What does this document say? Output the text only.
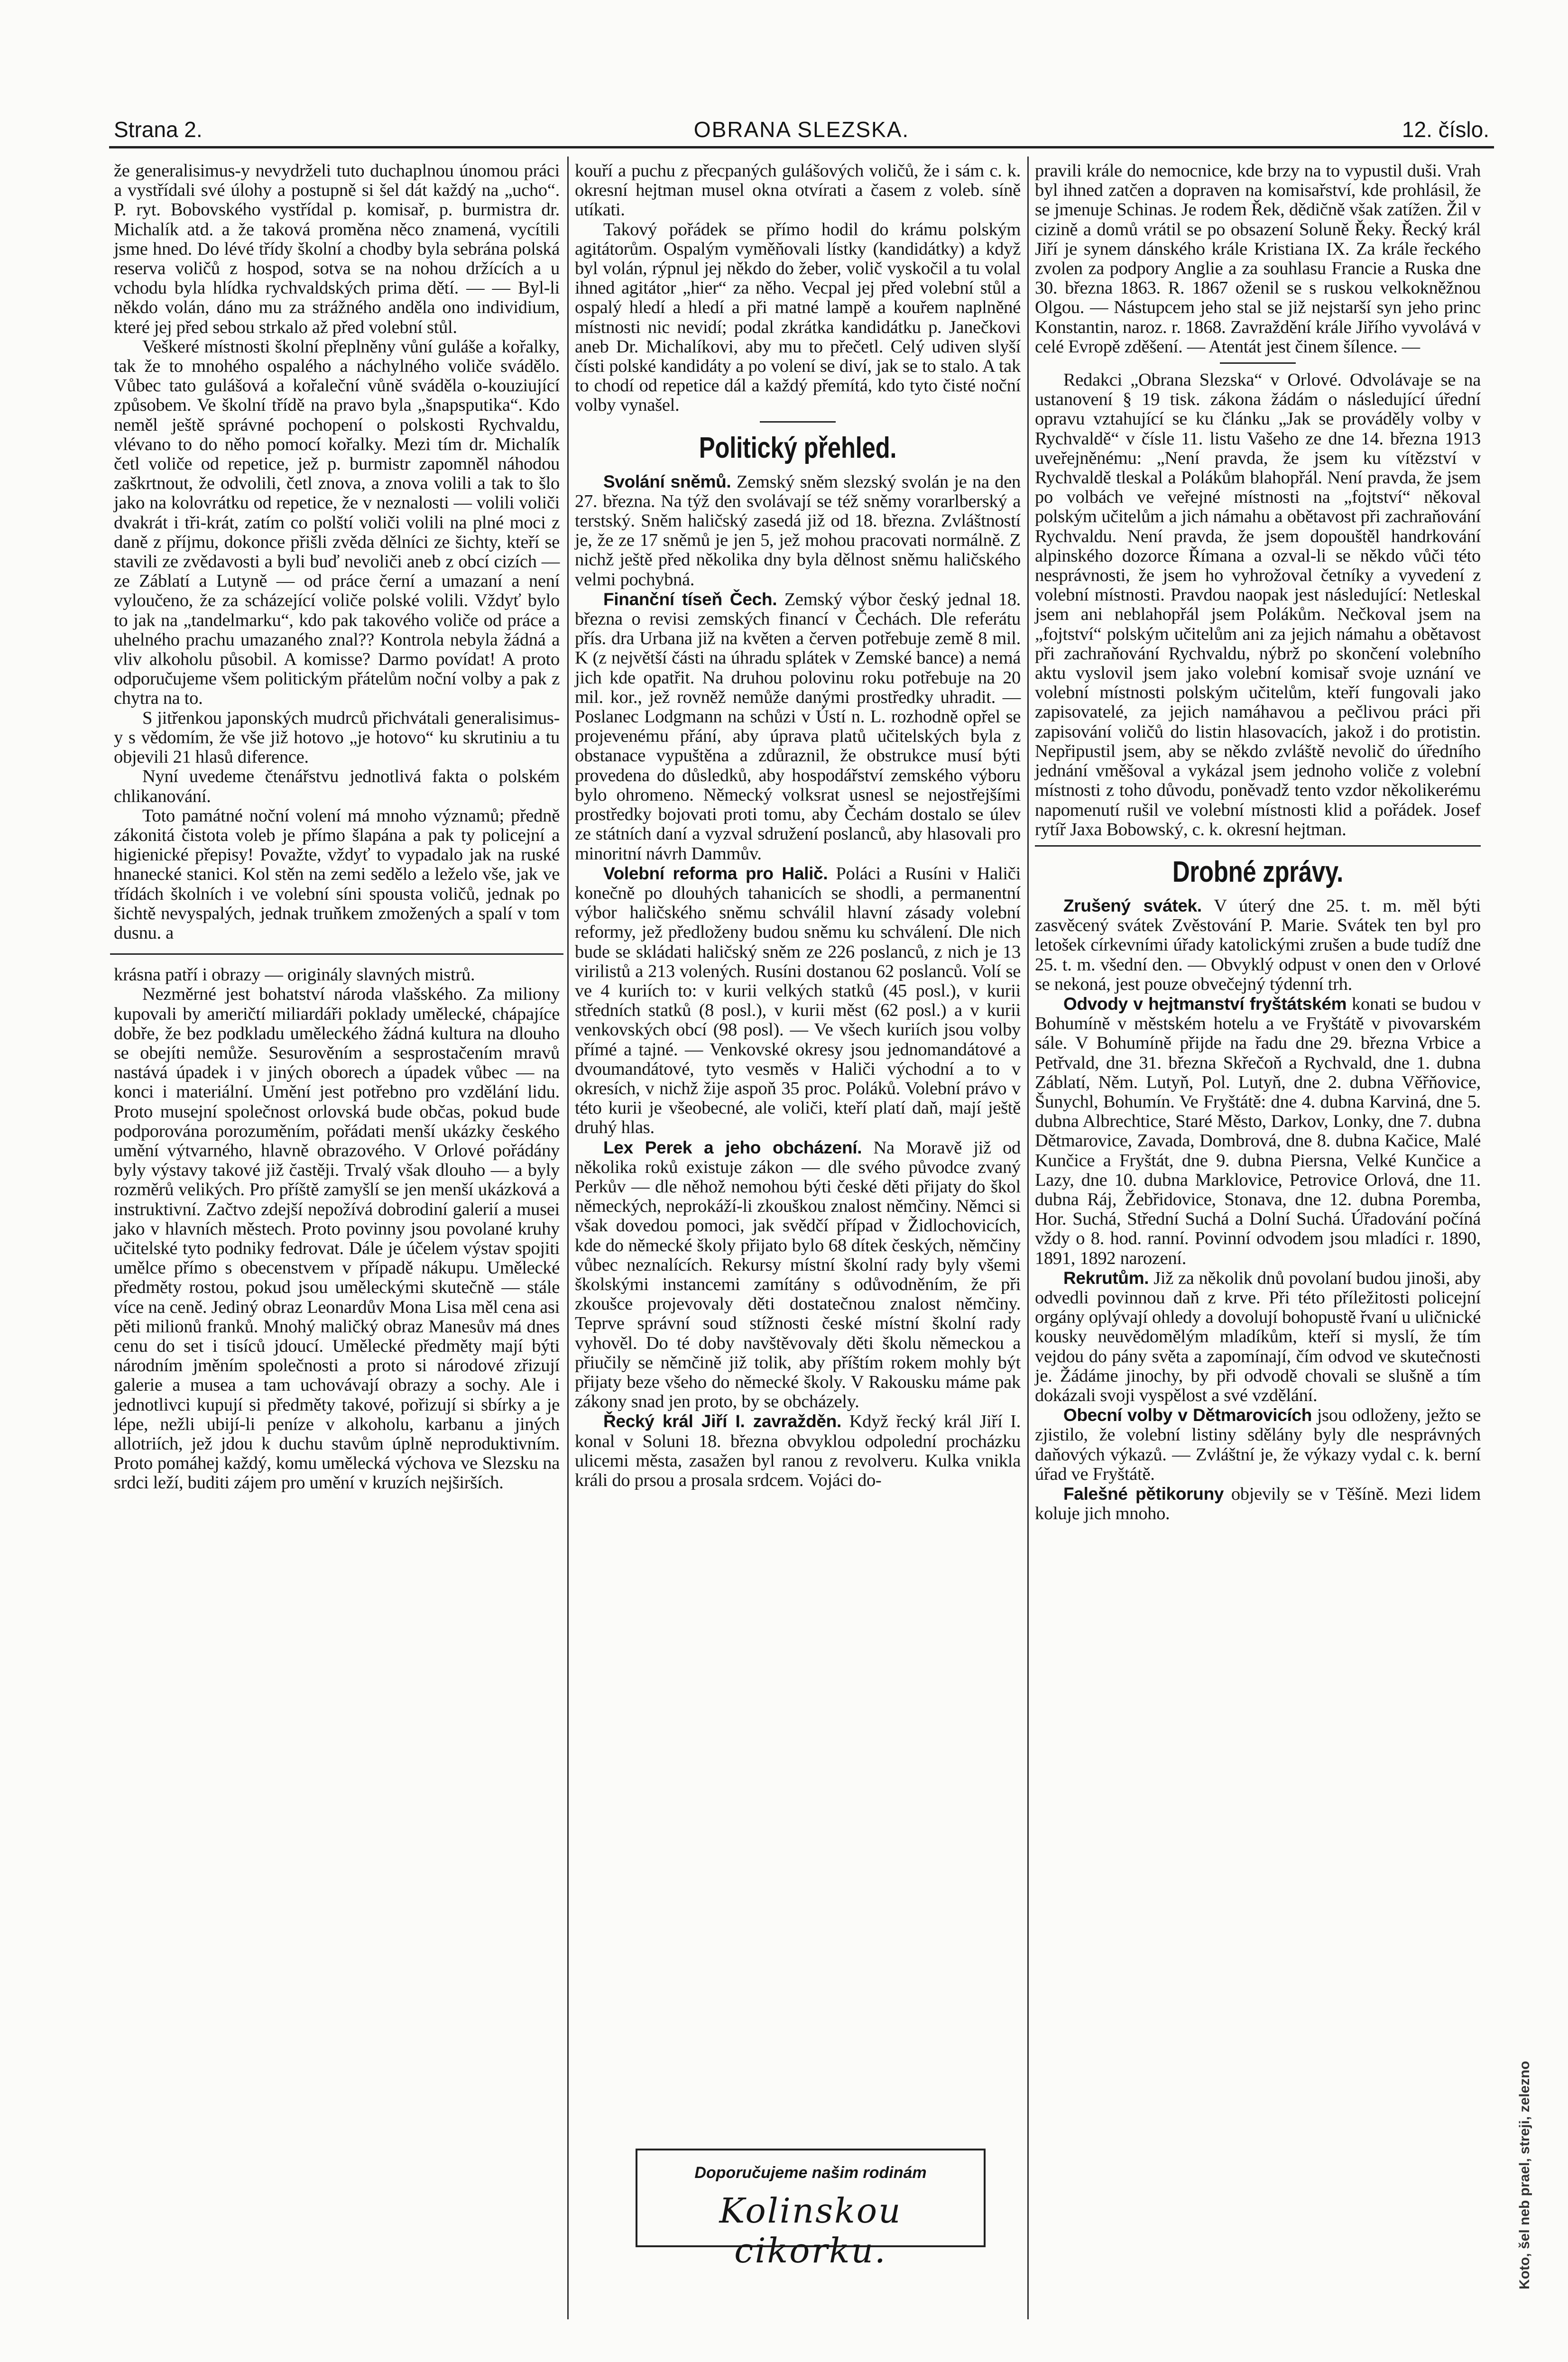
Strana 2.	OBRANA SLEZSKA.	12. číslo.

že generalisimus-y nevydrželi tuto duchaplnou únomou práci a vystřídali své úlohy a postupně si šel dát každý na „ucho“. P. ryt. Bobovského vystřídal p. komisař, p. burmistra dr. Michalík atd. a že taková proměna něco znamená, vycítili jsme hned. Do lévé třídy školní a chodby byla sebrána polská reserva voličů z hospod, sotva se na nohou držících a u vchodu byla hlídka rychvaldských prima dětí. — — Byl-li někdo volán, dáno mu za strážného anděla ono individium, které jej před sebou strkalo až před volební stůl.

Veškeré místnosti školní přeplněny vůní guláše a kořalky, tak že to mnohého ospalého a náchylného voliče svádělo. Vůbec tato gulášová a kořaleční vůně sváděla o-kouziující způsobem. Ve školní třídě na pravo byla „šnapsputika“. Kdo neměl ještě správné pochopení o polskosti Rychvaldu, vlévano to do něho pomocí kořalky. Mezi tím dr. Michalík četl voliče od repetice, jež p. burmistr zapomněl náhodou zaškrtnout, že odvolili, četl znova, a znova volili a tak to šlo jako na kolovrátku od repetice, že v neznalosti — volili voliči dvakrát i tři-krát, zatím co polští voliči volili na plné moci z daně z příjmu, dokonce přišli zvěda dělníci ze šichty, kteří se stavili ze zvědavosti a byli buď nevoliči aneb z obcí cizích — ze Záblatí a Lutyně — od práce černí a umazaní a není vyloučeno, že za scházející voliče polské volili. Vždyť bylo to jak na „tandelmarku“, kdo pak takového voliče od práce a uhelného prachu umazaného znal?? Kontrola nebyla žádná a vliv alkoholu působil. A komisse? Darmo povídat! A proto odporučujeme všem politickým přátelům noční volby a pak z chytra na to.

S jitřenkou japonských mudrců přichvátali generalisimus-y s vědomím, že vše již hotovo „je hotovo“ ku skrutiniu a tu objevili 21 hlasů diference.

Nyní uvedeme čtenářstvu jednotlivá fakta o polském chlikanování.

Toto památné noční volení má mnoho významů; předně zákonitá čistota voleb je přímo šlapána a pak ty policejní a higienické přepisy! Považte, vždyť to vypadalo jak na ruské hnanecké stanici. Kol stěn na zemi sedělo a leželo vše, jak ve třídách školních i ve volební síni spousta voličů, jednak po šichtě nevyspalých, jednak truňkem zmožených a spalí v tom dusnu. a

krásna patří i obrazy — originály slavných mistrů.

Nezměrné jest bohatství národa vlašského. Za miliony kupovali by američtí miliardáři poklady umělecké, chápajíce dobře, že bez podkladu uměleckého žádná kultura na dlouho se obejíti nemůže. Sesurověním a sesprostačením mravů nastává úpadek i v jiných oborech a úpadek vůbec — na konci i materiální. Umění jest potřebno pro vzdělání lidu. Proto musejní společnost orlovská bude občas, pokud bude podporována porozuměním, pořádati menší ukázky českého umění výtvarného, hlavně obrazového. V Orlové pořádány byly výstavy takové již častěji. Trvalý však dlouho — a byly rozměrů velikých. Pro příště zamyšlí se jen menší ukázková a instruktivní. Začtvo zdejší nepožívá dobrodiní galerií a musei jako v hlavních městech. Proto povinny jsou povolané kruhy učitelské tyto podniky fedrovat. Dále je účelem výstav spojiti umělce přímo s obecenstvem v případě nákupu. Umělecké předměty rostou, pokud jsou uměleckými skutečně — stále více na ceně. Jediný obraz Leonardův Mona Lisa měl cena asi pěti milionů franků. Mnohý maličký obraz Manesův má dnes cenu do set i tisíců jdoucí. Umělecké předměty mají býti národním jměním společnosti a proto si národové zřizují galerie a musea a tam uchovávají obrazy a sochy. Ale i jednotlivci kupují si předměty takové, pořizují si sbírky a je lépe, nežli ubijí-li peníze v alkoholu, karbanu a jiných allotriích, jež jdou k duchu stavům úplně neproduktivním. Proto pomáhej každý, komu umělecká výchova ve Slezsku na srdci leží, buditi zájem pro umění v kruzích nejširších.

kouří a puchu z přecpaných gulášových voličů, že i sám c. k. okresní hejtman musel okna otvírati a časem z voleb. síně utíkati.

Takový pořádek se přímo hodil do krámu polským agitátorům. Ospalým vyměňovali lístky (kandidátky) a když byl volán, rýpnul jej někdo do žeber, volič vyskočil a tu volal ihned agitátor „hier“ za něho. Vecpal jej před volební stůl a ospalý hledí a hledí a při matné lampě a kouřem naplněné místnosti nic nevidí; podal zkrátka kandidátku p. Janečkovi aneb Dr. Michalíkovi, aby mu to přečetl. Celý udiven slyší čísti polské kandidáty a po volení se diví, jak se to stalo. A tak to chodí od repetice dál a každý přemítá, kdo tyto čisté noční volby vynašel.

Politický přehled.

Svolání sněmů. Zemský sněm slezský svolán je na den 27. března. Na týž den svolávají se též sněmy vorarlberský a terstský. Sněm haličský zasedá již od 18. března. Zvláštností je, že ze 17 sněmů je jen 5, jež mohou pracovati normálně. Z nichž ještě před několika dny byla dělnost sněmu haličského velmi pochybná.

Finanční tíseň Čech. Zemský výbor český jednal 18. března o revisi zemských financí v Čechách. Dle referátu přís. dra Urbana již na květen a červen potřebuje země 8 mil. K (z největší části na úhradu splátek v Zemské bance) a nemá jich kde opatřit. Na druhou polovinu roku potřebuje na 20 mil. kor., jež rovněž nemůže danými prostředky uhradit. — Poslanec Lodgmann na schůzi v Ústí n. L. rozhodně opřel se projevenému přání, aby úprava platů učitelských byla z obstanace vypuštěna a zdůraznil, že obstrukce musí býti provedena do důsledků, aby hospodářství zemského výboru bylo ohromeno. Německý volksrat usnesl se nejostřejšími prostředky bojovati proti tomu, aby Čechám dostalo se úlev ze státních daní a vyzval sdružení poslanců, aby hlasovali pro minoritní návrh Dammův.

Volební reforma pro Halič. Poláci a Rusíni v Haliči konečně po dlouhých tahanicích se shodli, a permanentní výbor haličského sněmu schválil hlavní zásady volební reformy, jež předloženy budou sněmu ku schválení. Dle nich bude se skládati haličský sněm ze 226 poslanců, z nich je 13 virilistů a 213 volených. Rusíni dostanou 62 poslanců. Volí se ve 4 kuriích to: v kurii velkých statků (45 posl.), v kurii středních statků (8 posl.), v kurii měst (62 posl.) a v kurii venkovských obcí (98 posl). — Ve všech kuriích jsou volby přímé a tajné. — Venkovské okresy jsou jednomandátové a dvoumandátové, tyto vesměs v Haliči východní a to v okresích, v nichž žije aspoň 35 proc. Poláků. Volební právo v této kurii je všeobecné, ale voliči, kteří platí daň, mají ještě druhý hlas.

Lex Perek a jeho obcházení. Na Moravě již od několika roků existuje zákon — dle svého původce zvaný Perkův — dle něhož nemohou býti české děti přijaty do škol německých, neprokáží-li zkouškou znalost němčiny. Němci si však dovedou pomoci, jak svědčí případ v Židlochovicích, kde do německé školy přijato bylo 68 dítek českých, němčiny vůbec neznalících. Rekursy místní školní rady byly všemi školskými instancemi zamítány s odůvodněním, že při zkoušce projevovaly děti dostatečnou znalost němčiny. Teprve správní soud stížnosti české místní školní rady vyhověl. Do té doby navštěvovaly děti školu německou a přiučily se němčině již tolik, aby příštím rokem mohly být přijaty beze všeho do německé školy. V Rakousku máme pak zákony snad jen proto, by se obcházely.

Řecký král Jiří I. zavražděn. Když řecký král Jiří I. konal v Soluni 18. března obvyklou odpolední procházku ulicemi města, zasažen byl ranou z revolveru. Kulka vnikla králi do prsou a prosala srdcem. Vojáci do-

pravili krále do nemocnice, kde brzy na to vypustil duši. Vrah byl ihned zatčen a dopraven na komisařství, kde prohlásil, že se jmenuje Schinas. Je rodem Řek, dědičně však zatížen. Žil v cizině a domů vrátil se po obsazení Soluně Řeky. Řecký král Jiří je synem dánského krále Kristiana IX. Za krále řeckého zvolen za podpory Anglie a za souhlasu Francie a Ruska dne 30. března 1863. R. 1867 oženil se s ruskou velkokněžnou Olgou. — Nástupcem jeho stal se již nejstarší syn jeho princ Konstantin, naroz. r. 1868. Zavraždění krále Jiřího vyvolává v celé Evropě zděšení. — Atentát jest činem šílence. —

Redakci „Obrana Slezska“ v Orlové. Odvolávaje se na ustanovení § 19 tisk. zákona žádám o následující úřední opravu vztahující se ku článku „Jak se prováděly volby v Rychvaldě“ v čísle 11. listu Vašeho ze dne 14. března 1913 uveřejněnému: „Není pravda, že jsem ku vítězství v Rychvaldě tleskal a Polákům blahopřál. Není pravda, že jsem po volbách ve veřejné místnosti na „fojtství“ někoval polským učitelům a jich námahu a obětavost při zachraňování Rychvaldu. Není pravda, že jsem dopouštěl handrkování alpinského dozorce Římana a ozval-li se někdo vůči této nesprávnosti, že jsem ho vyhrožoval četníky a vyvedení z volební místnosti. Pravdou naopak jest následující: Netleskal jsem ani neblahopřál jsem Polákům. Nečkoval jsem na „fojtství“ polským učitelům ani za jejich námahu a obětavost při zachraňování Rychvaldu, nýbrž po skončení volebního aktu vyslovil jsem jako volební komisař svoje uznání ve volební místnosti polským učitelům, kteří fungovali jako zapisovatelé, za jejich namáhavou a pečlivou práci při zapisování voličů do listin hlasovacích, jakož i do protistin. Nepřipustil jsem, aby se někdo zvláště nevolič do úředního jednání vměšoval a vykázal jsem jednoho voliče z volební místnosti z toho důvodu, poněvadž tento vzdor několikerému napomenutí rušil ve volební místnosti klid a pořádek. Josef rytíř Jaxa Bobowský, c. k. okresní hejtman.

Drobné zprávy.

Zrušený svátek. V úterý dne 25. t. m. měl býti zasvěcený svátek Zvěstování P. Marie. Svátek ten byl pro letošek církevními úřady katolickými zrušen a bude tudíž dne 25. t. m. všední den. — Obvyklý odpust v onen den v Orlové se nekoná, jest pouze obvečejný týdenní trh.

Odvody v hejtmanství fryštátském konati se budou v Bohumíně v městském hotelu a ve Fryštátě v pivovarském sále. V Bohumíně přijde na řadu dne 29. března Vrbice a Petřvald, dne 31. března Skřečoň a Rychvald, dne 1. dubna Záblatí, Něm. Lutyň, Pol. Lutyň, dne 2. dubna Věřňovice, Šunychl, Bohumín. Ve Fryštátě: dne 4. dubna Karviná, dne 5. dubna Albrechtice, Staré Město, Darkov, Lonky, dne 7. dubna Dětmarovice, Zavada, Dombrová, dne 8. dubna Kačice, Malé Kunčice a Fryštát, dne 9. dubna Piersna, Velké Kunčice a Lazy, dne 10. dubna Marklovice, Petrovice Orlová, dne 11. dubna Ráj, Žebřidovice, Stonava, dne 12. dubna Poremba, Hor. Suchá, Střední Suchá a Dolní Suchá. Úřadování počíná vždy o 8. hod. ranní. Povinní odvodem jsou mladíci r. 1890, 1891, 1892 narození.

Rekrutům. Již za několik dnů povolaní budou jinoši, aby odvedli povinnou daň z krve. Při této příležitosti policejní orgány oplývají ohledy a dovolují bohopustě řvaní u uličnické kousky neuvědomělým mladíkům, kteří si myslí, že tím vejdou do pány světa a zapomínají, čím odvod ve skutečnosti je. Žádáme jinochy, by při odvodě chovali se slušně a tím dokázali svoji vyspělost a své vzdělání.

Obecní volby v Dětmarovicích jsou odloženy, ježto se zjistilo, že volební listiny sdělány byly dle nesprávných daňových výkazů. — Zvláštní je, že výkazy vydal c. k. berní úřad ve Fryštátě.

Falešné pětikoruny objevily se v Těšíně. Mezi lidem koluje jich mnoho.

Doporučujeme našim rodinám
Kolinskou cikorku.	Koto, šel neb prael, streji, zelezno
